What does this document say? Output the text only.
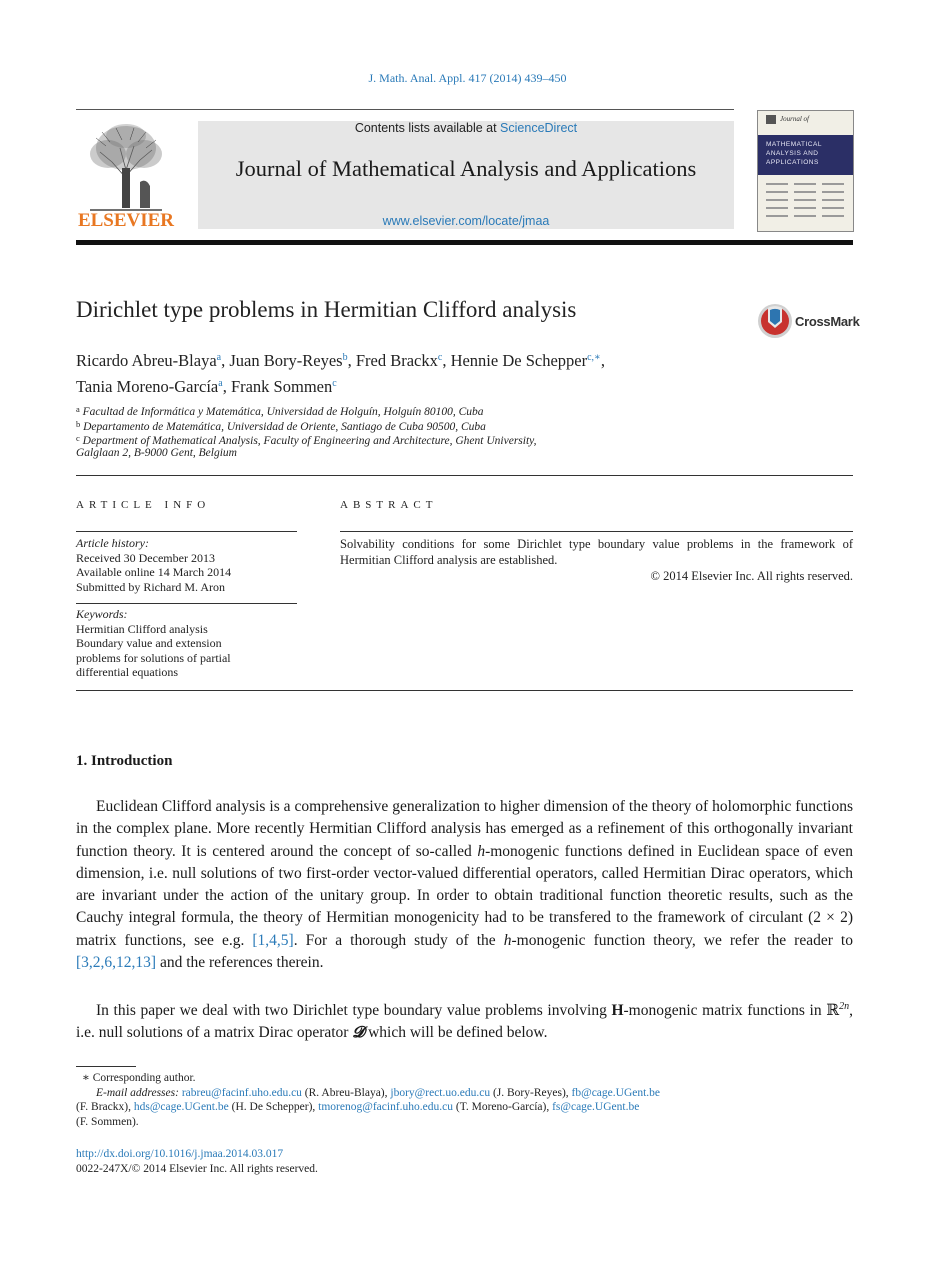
J. Math. Anal. Appl. 417 (2014) 439–450
ELSEVIER
Contents lists available at ScienceDirect
Journal of Mathematical Analysis and Applications
www.elsevier.com/locate/jmaa
Journal of
MATHEMATICAL
ANALYSIS AND
APPLICATIONS
Dirichlet type problems in Hermitian Clifford analysis	CrossMark
Ricardo Abreu-Blaya$^a$, Juan Bory-Reyes$^b$, Fred Brackx$^c$, Hennie De Schepper$^{c,∗}$,
Tania Moreno-García$^a$, Frank Sommen$^c$
$^a$ Facultad de Informática y Matemática, Universidad de Holguín, Holguín 80100, Cuba
$^b$ Departamento de Matemática, Universidad de Oriente, Santiago de Cuba 90500, Cuba
$^c$ Department of Mathematical Analysis, Faculty of Engineering and Architecture, Ghent University,
Galglaan 2, B-9000 Gent, Belgium
ARTICLE INFO
Article history:
Received 30 December 2013
Available online 14 March 2014
Submitted by Richard M. Aron
Keywords:
Hermitian Clifford analysis
Boundary value and extension
problems for solutions of partial
differential equations
ABSTRACT
Solvability conditions for some Dirichlet type boundary value problems in the framework of Hermitian Clifford analysis are established.
© 2014 Elsevier Inc. All rights reserved.
1. Introduction
Euclidean Clifford analysis is a comprehensive generalization to higher dimension of the theory of holomorphic functions in the complex plane. More recently Hermitian Clifford analysis has emerged as a refinement of this orthogonally invariant function theory. It is centered around the concept of so-called h-monogenic functions defined in Euclidean space of even dimension, i.e. null solutions of two first-order vector-valued differential operators, called Hermitian Dirac operators, which are invariant under the action of the unitary group. In order to obtain traditional function theoretic results, such as the Cauchy integral formula, the theory of Hermitian monogenicity had to be transfered to the framework of circulant (2 × 2) matrix functions, see e.g. [1,4,5]. For a thorough study of the h-monogenic function theory, we refer the reader to [3,2,6,12,13] and the references therein.
In this paper we deal with two Dirichlet type boundary value problems involving H-monogenic matrix functions in ℝ$^{2n}$, i.e. null solutions of a matrix Dirac operator 𝓓 which will be defined below.
∗ Corresponding author.
E-mail addresses: rabreu@facinf.uho.edu.cu (R. Abreu-Blaya), jbory@rect.uo.edu.cu (J. Bory-Reyes), fb@cage.UGent.be
(F. Brackx), hds@cage.UGent.be (H. De Schepper), tmorenog@facinf.uho.edu.cu (T. Moreno-García), fs@cage.UGent.be
(F. Sommen).
http://dx.doi.org/10.1016/j.jmaa.2014.03.017
0022-247X/© 2014 Elsevier Inc. All rights reserved.
